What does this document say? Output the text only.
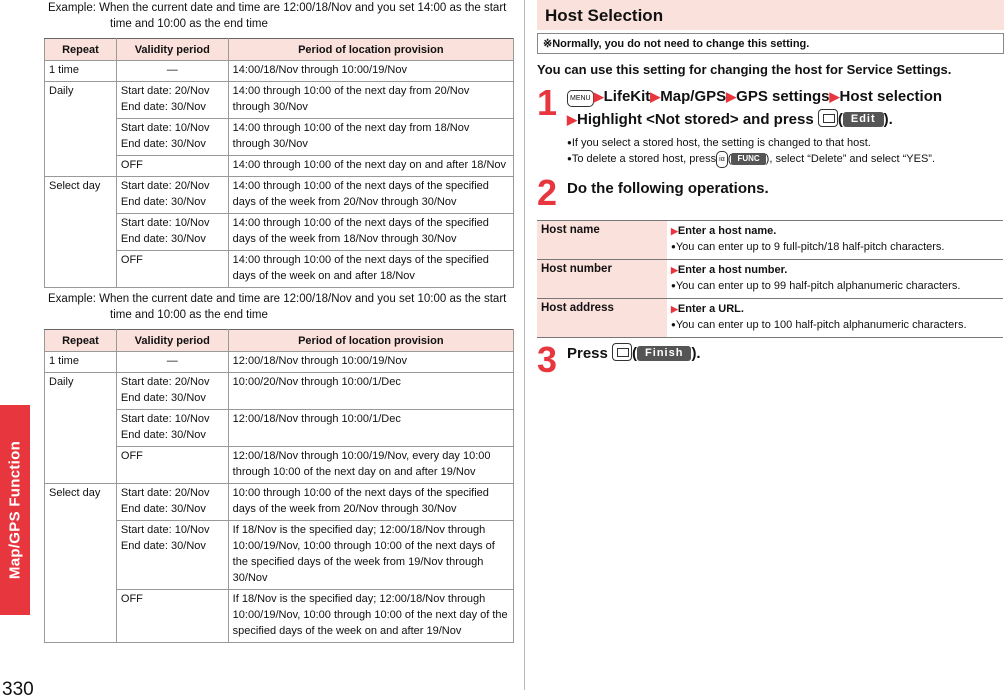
Map/GPS Function
330

Example: When the current date and time are 12:00/18/Nov and you set 14:00 as the start time and 10:00 as the end time

Repeat	Validity period	Period of location provision
1 time	—	14:00/18/Nov through 10:00/19/Nov
Daily	Start date: 20/Nov
End date: 30/Nov	14:00 through 10:00 of the next day from 20/Nov through 30/Nov

	Start date: 10/Nov
End date: 30/Nov	14:00 through 10:00 of the next day from 18/Nov through 30/Nov

	OFF	14:00 through 10:00 of the next day on and after 18/Nov
Select day	Start date: 20/Nov
End date: 30/Nov	14:00 through 10:00 of the next days of the specified days of the week from 20/Nov through 30/Nov

	Start date: 10/Nov
End date: 30/Nov	14:00 through 10:00 of the next days of the specified days of the week from 18/Nov through 30/Nov

	OFF	14:00 through 10:00 of the next days of the specified days of the week on and after 18/Nov

Example: When the current date and time are 12:00/18/Nov and you set 10:00 as the start time and 10:00 as the end time

Repeat	Validity period	Period of location provision
1 time	—	12:00/18/Nov through 10:00/19/Nov
Daily	Start date: 20/Nov
End date: 30/Nov	10:00/20/Nov through 10:00/1/Dec

	Start date: 10/Nov
End date: 30/Nov	12:00/18/Nov through 10:00/1/Dec

	OFF	12:00/18/Nov through 10:00/19/Nov, every day 10:00 through 10:00 of the next day on and after 19/Nov
Select day	Start date: 20/Nov
End date: 30/Nov	10:00 through 10:00 of the next days of the specified days of the week from 20/Nov through 30/Nov

	Start date: 10/Nov
End date: 30/Nov	If 18/Nov is the specified day; 12:00/18/Nov through 10:00/19/Nov, 10:00 through 10:00 of the next days of the specified days of the week from 19/Nov through 30/Nov

	OFF	If 18/Nov is the specified day; 12:00/18/Nov through 10:00/19/Nov, 10:00 through 10:00 of the next day of the specified days of the week on and after 19/Nov
Host Selection
※Normally, you do not need to change this setting.

You can use this setting for changing the host for Service Settings.

1	MENU ▶LifeKit▶Map/GPS▶GPS settings▶Host selection
▶Highlight <Not stored> and press ( Edit ).

● If you select a stored host, the setting is changed to that host.

● To delete a stored host, press iα ( FUNC ), select “Delete” and select “YES”.

2 Do the following operations.
Host name	▶ Enter a host name.
● You can enter up to 9 full-pitch/18 half-pitch characters.

Host number	▶ Enter a host number.
● You can enter up to 99 half-pitch alphanumeric characters.

Host address	▶ Enter a URL.
● You can enter up to 100 half-pitch alphanumeric characters.
3 Press ( Finish ).
